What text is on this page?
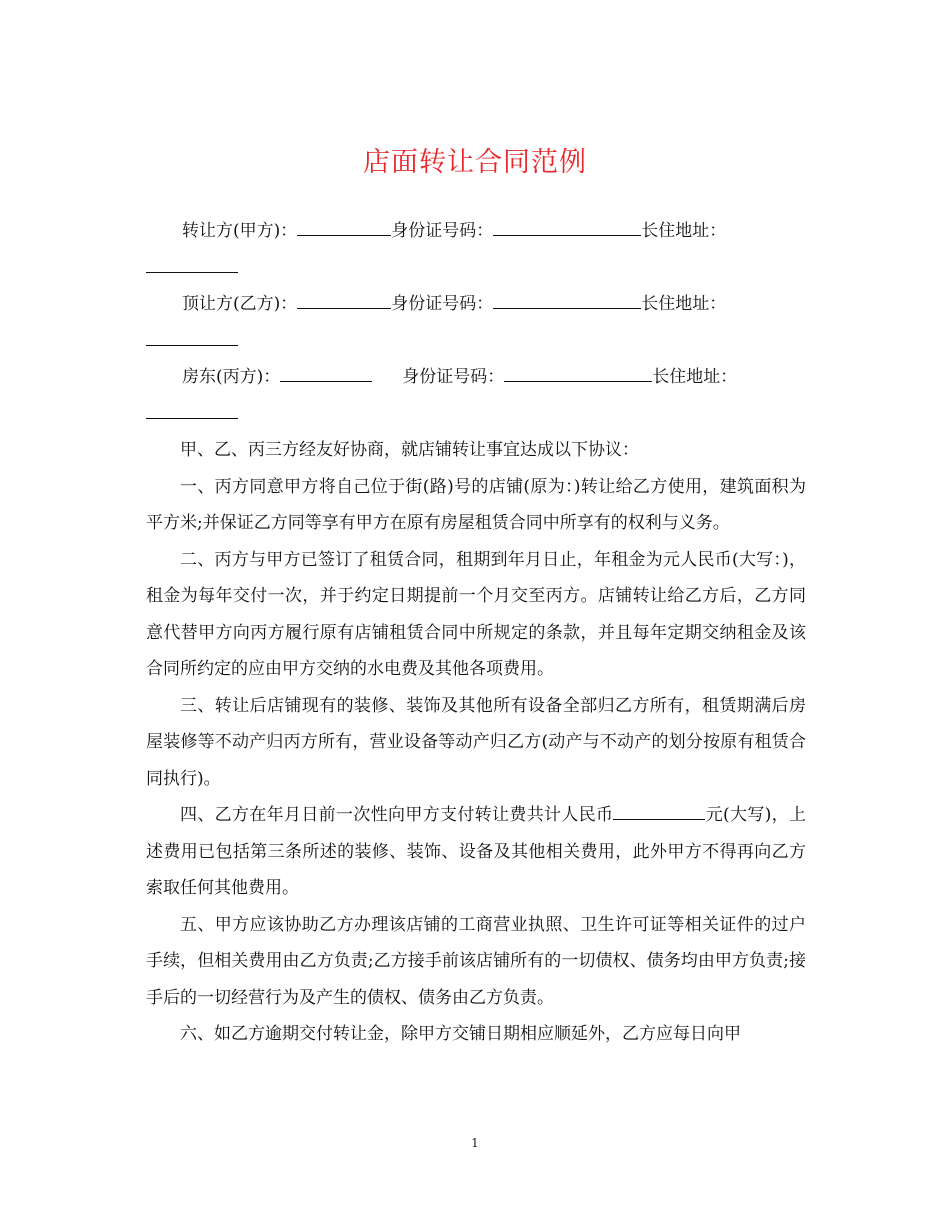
店面转让合同范例
转让方(甲方)：	身份证号码：	长住地址：
顶让方(乙方)：	身份证号码：	长住地址：
房东(丙方)：	身份证号码：	长住地址：

甲、乙、丙三方经友好协商，就店铺转让事宜达成以下协议：

一、丙方同意甲方将自己位于街(路)号的店铺(原为：)转让给乙方使用，建筑面积为平方米;并保证乙方同等享有甲方在原有房屋租赁合同中所享有的权利与义务。

二、丙方与甲方已签订了租赁合同，租期到年月日止，年租金为元人民币(大写：)，租金为每年交付一次，并于约定日期提前一个月交至丙方。店铺转让给乙方后，乙方同意代替甲方向丙方履行原有店铺租赁合同中所规定的条款，并且每年定期交纳租金及该合同所约定的应由甲方交纳的水电费及其他各项费用。

三、转让后店铺现有的装修、装饰及其他所有设备全部归乙方所有，租赁期满后房屋装修等不动产归丙方所有，营业设备等动产归乙方(动产与不动产的划分按原有租赁合同执行)。

四、乙方在年月日前一次性向甲方支付转让费共计人民币	元(大写)，上述费用已包括第三条所述的装修、装饰、设备及其他相关费用，此外甲方不得再向乙方索取任何其他费用。

五、甲方应该协助乙方办理该店铺的工商营业执照、卫生许可证等相关证件的过户手续，但相关费用由乙方负责;乙方接手前该店铺所有的一切债权、债务均由甲方负责;接手后的一切经营行为及产生的债权、债务由乙方负责。

六、如乙方逾期交付转让金，除甲方交铺日期相应顺延外，乙方应每日向甲

1
